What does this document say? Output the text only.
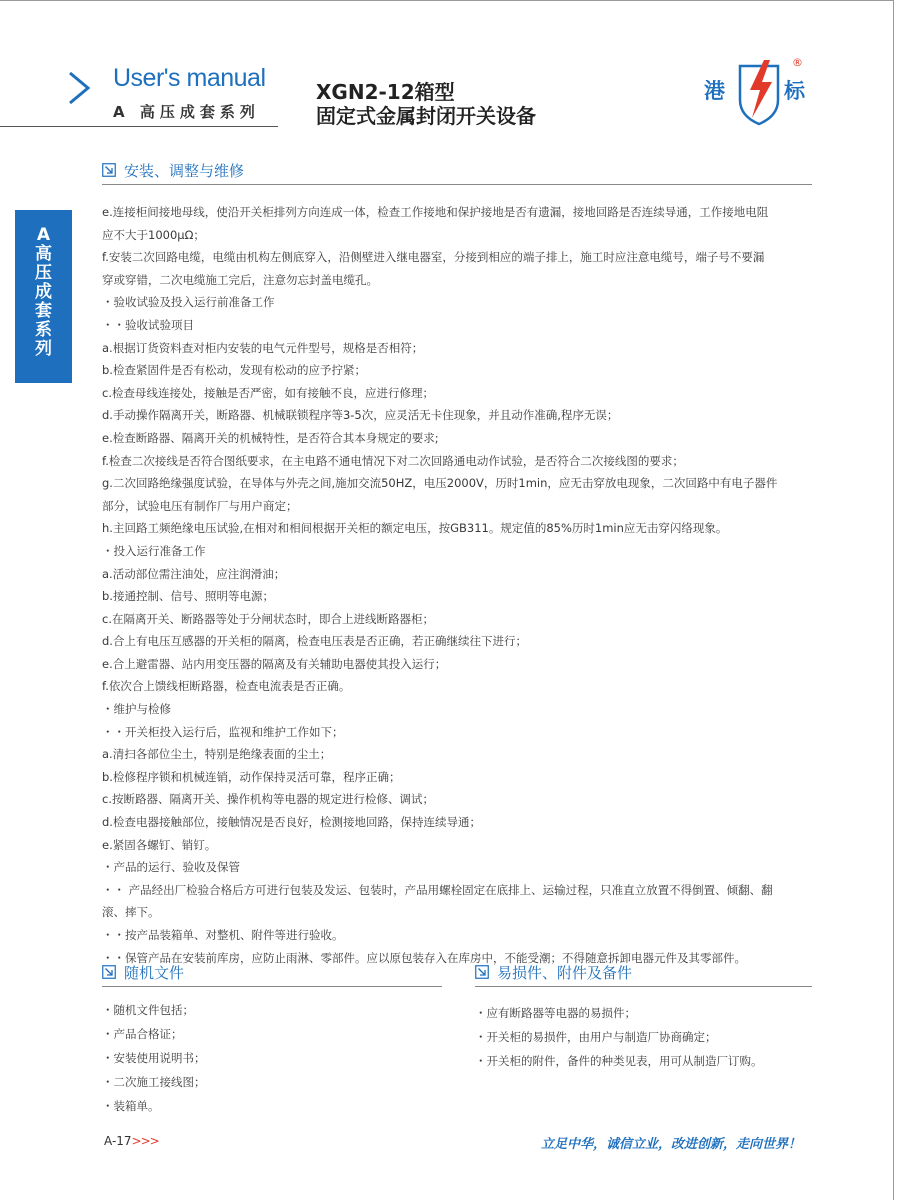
User's manual
A 高压成套系列
XGN2-12箱型
固定式金属封闭开关设备
港	标
®
A
高
压
成
套
系
列
安装、调整与维修

e.连接柜间接地母线，使沿开关柜排列方向连成一体，检查工作接地和保护接地是否有遗漏，接地回路是否连续导通，工作接地电阻

应不大于1000μΩ；

f.安装二次回路电缆，电缆由机构左侧底穿入，沿侧壁进入继电器室，分接到相应的端子排上，施工时应注意电缆号，端子号不要漏

穿或穿错，二次电缆施工完后，注意勿忘封盖电缆孔。

・验收试验及投入运行前准备工作

・・验收试验项目

a.根据订货资料查对柜内安装的电气元件型号，规格是否相符；

b.检查紧固件是否有松动，发现有松动的应予拧紧；

c.检查母线连接处，接触是否严密，如有接触不良，应进行修理；

d.手动操作隔离开关，断路器、机械联锁程序等3-5次，应灵活无卡住现象，并且动作准确,程序无误；

e.检查断路器、隔离开关的机械特性，是否符合其本身规定的要求;

f.检查二次接线是否符合图纸要求，在主电路不通电情况下对二次回路通电动作试验，是否符合二次接线图的要求；

g.二次回路绝缘强度试验，在导体与外壳之间,施加交流50HZ，电压2000V，历时1min，应无击穿放电现象，二次回路中有电子器件

部分，试验电压有制作厂与用户商定；

h.主回路工频绝缘电压试验,在相对和相间根据开关柜的额定电压，按GB311。规定值的85%历时1min应无击穿闪络现象。

・投入运行准备工作

a.活动部位需注油处，应注润滑油；

b.接通控制、信号、照明等电源；

c.在隔离开关、断路器等处于分闸状态时，即合上进线断路器柜；

d.合上有电压互感器的开关柜的隔离，检查电压表是否正确，若正确继续往下进行；

e.合上避雷器、站内用变压器的隔离及有关辅助电器使其投入运行；

f.依次合上馈线柜断路器，检查电流表是否正确。

・维护与检修

・・开关柜投入运行后，监视和维护工作如下；

a.清扫各部位尘土，特别是绝缘表面的尘土；

b.检修程序锁和机械连销，动作保持灵活可靠，程序正确；

c.按断路器、隔离开关、操作机构等电器的规定进行检修、调试；

d.检查电器接触部位，接触情况是否良好，检测接地回路，保持连续导通；

e.紧固各螺钉、销钉。

・产品的运行、验收及保管

・・ 产品经出厂检验合格后方可进行包装及发运、包装时，产品用螺栓固定在底排上、运输过程，只准直立放置不得倒置、倾翻、翻

滚、摔下。

・・按产品装箱单、对整机、附件等进行验收。

・・保管产品在安装前库房，应防止雨淋、零部件。应以原包装存入在库房中，不能受潮；不得随意拆卸电器元件及其零部件。

随机文件

・随机文件包括；

・产品合格证；

・安装使用说明书；

・二次施工接线图；

・装箱单。

易损件、附件及备件

・应有断路器等电器的易损件；

・开关柜的易损件，由用户与制造厂协商确定；

・开关柜的附件，备件的种类见表，用可从制造厂订购。

A-17>>>	立足中华，诚信立业，改进创新，走向世界！
